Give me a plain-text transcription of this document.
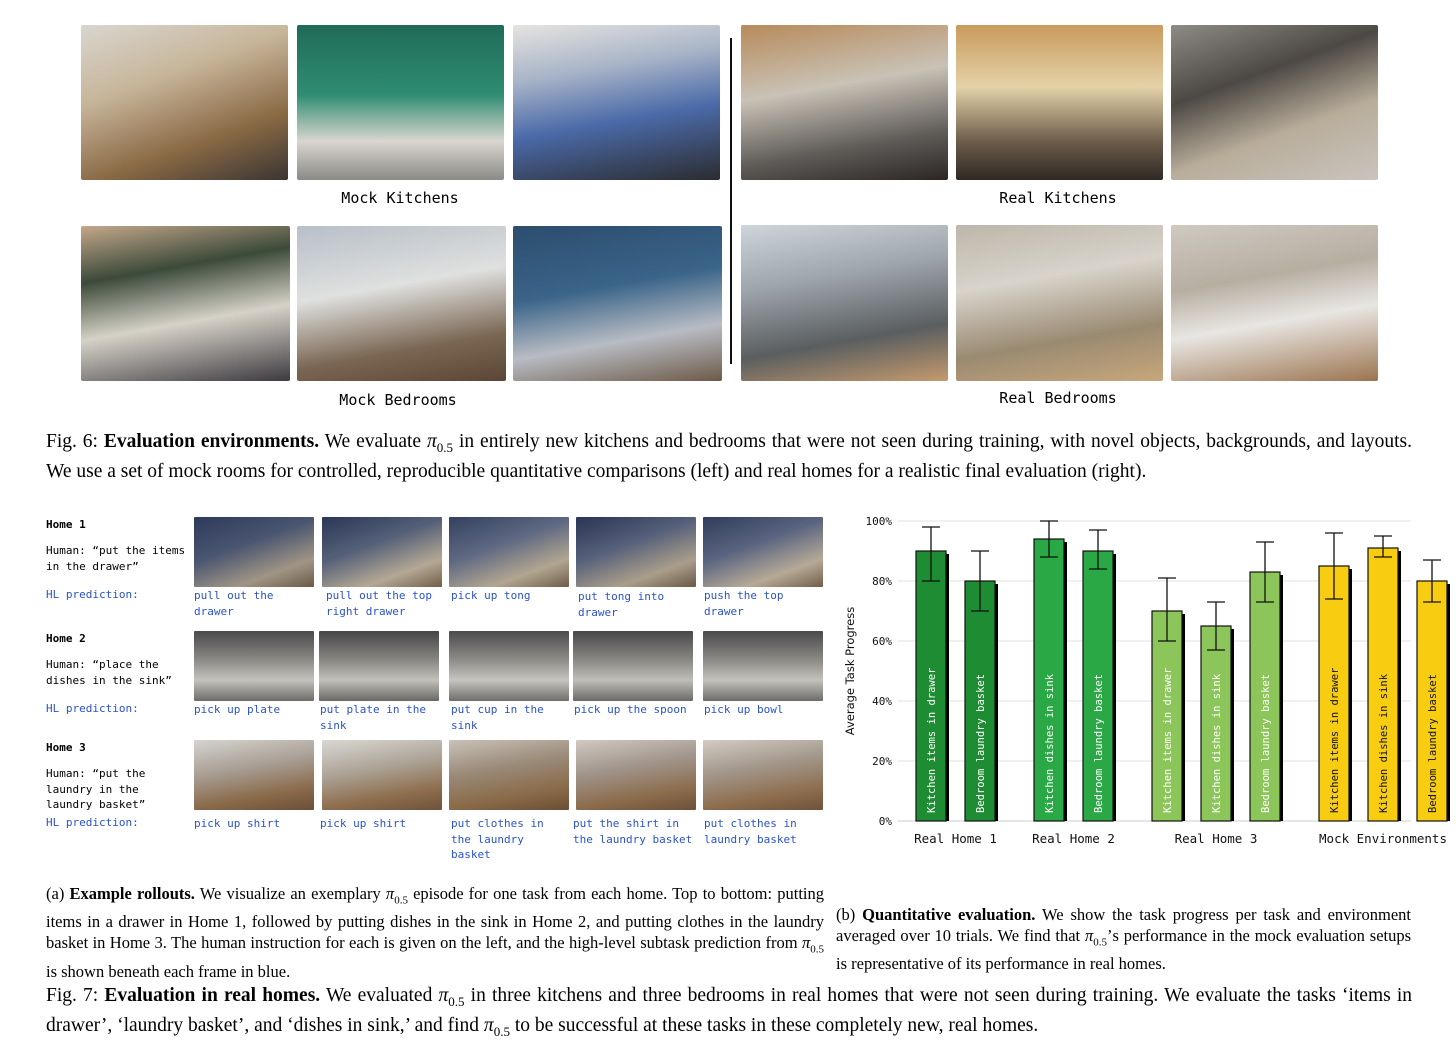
Mock Kitchens	Real Kitchens
Mock Bedrooms	Real Bedrooms
Fig. 6: Evaluation environments. We evaluate $\pi_{0.5}$ in entirely new kitchens and bedrooms that were not seen during training, with novel objects, backgrounds, and layouts. We use a set of mock rooms for controlled, reproducible quantitative comparisons (left) and real homes for a realistic final evaluation (right).
Home 1
Human: “put the items in the drawer”
HL prediction:	pull out the drawer
pull out the top right drawer
pick up tong	put tong into drawer
push the top drawer
Home 2
Human: “place the dishes in the sink”
HL prediction:	pick up plate	put plate in the sink
put cup in the sink
pick up the spoon	pick up bowl
Home 3
Human: “put the laundry in the laundry basket”
HL prediction:	pick up shirt	pick up shirt	put clothes in the laundry basket
put the shirt in the laundry basket
put clothes in laundry basket
0%
20%
40%
60%
80%
100%
Average Task Progress	Kitchen items in drawer	Bedroom laundry basket	Kitchen dishes in sink	Bedroom laundry basket	Kitchen items in drawer	Kitchen dishes in sink	Bedroom laundry basket	Kitchen items in drawer	Kitchen dishes in sink	Bedroom laundry basket
Real Home 1	Real Home 2	Real Home 3	Mock Environments
(a) Example rollouts. We visualize an exemplary $\pi_{0.5}$ episode for one task from each home. Top to bottom: putting items in a drawer in Home 1, followed by putting dishes in the sink in Home 2, and putting clothes in the laundry basket in Home 3. The human instruction for each is given on the left, and the high-level subtask prediction from $\pi_{0.5}$ is shown beneath each frame in blue.
(b) Quantitative evaluation. We show the task progress per task and environment averaged over 10 trials. We find that $\pi_{0.5}’s$ performance in the mock evaluation setups is representative of its performance in real homes.
Fig. 7: Evaluation in real homes. We evaluated $\pi_{0.5}$ in three kitchens and three bedrooms in real homes that were not seen during training. We evaluate the tasks ‘items in drawer’, ‘laundry basket’, and ‘dishes in sink,’ and find $\pi_{0.5}$ to be successful at these tasks in these completely new, real homes.
